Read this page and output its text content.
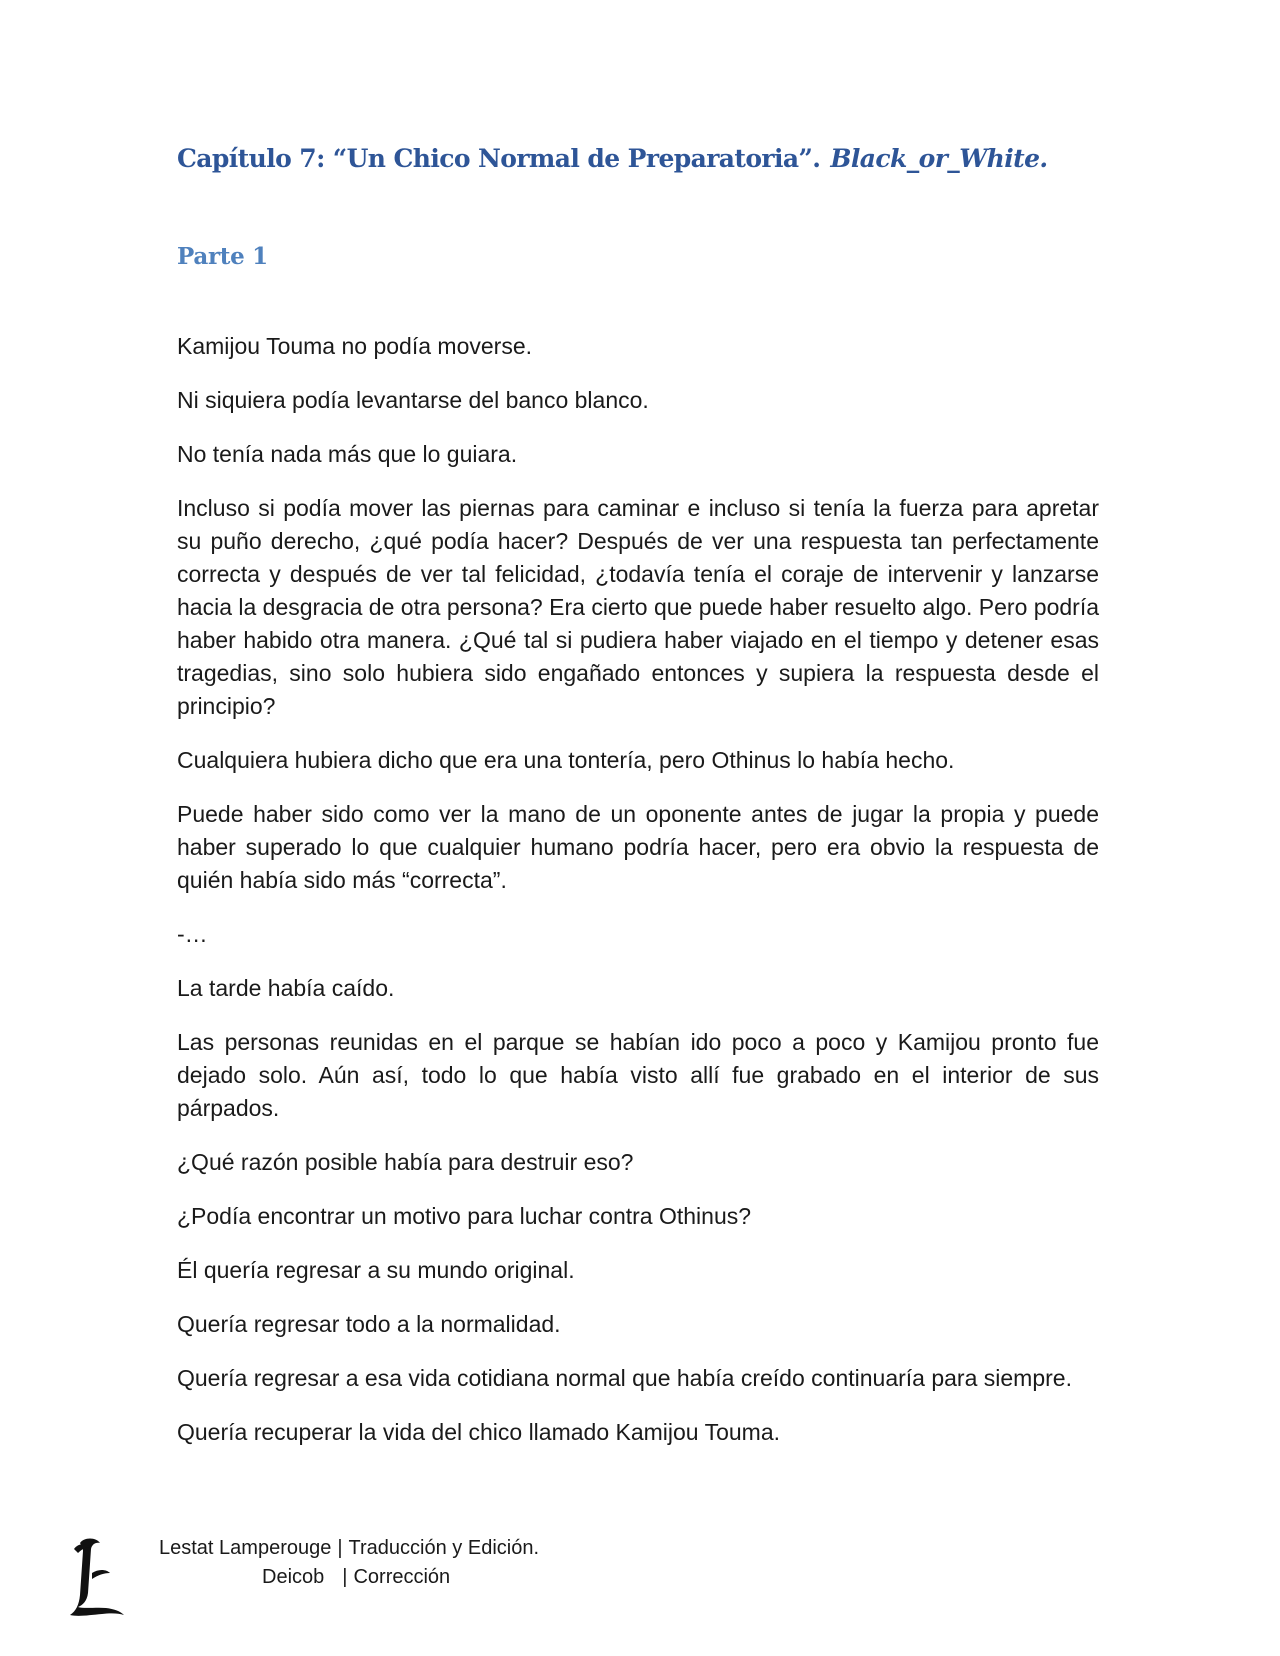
Capítulo 7: “Un Chico Normal de Preparatoria”. Black_or_White.
Parte 1

Kamijou Touma no podía moverse.

Ni siquiera podía levantarse del banco blanco.

No tenía nada más que lo guiara.

Incluso si podía mover las piernas para caminar e incluso si tenía la fuerza para apretar su puño derecho, ¿qué podía hacer? Después de ver una respuesta tan perfectamente correcta y después de ver tal felicidad, ¿todavía tenía el coraje de intervenir y lanzarse hacia la desgracia de otra persona? Era cierto que puede haber resuelto algo. Pero podría haber habido otra manera. ¿Qué tal si pudiera haber viajado en el tiempo y detener esas tragedias, sino solo hubiera sido engañado entonces y supiera la respuesta desde el principio?

Cualquiera hubiera dicho que era una tontería, pero Othinus lo había hecho.

Puede haber sido como ver la mano de un oponente antes de jugar la propia y puede haber superado lo que cualquier humano podría hacer, pero era obvio la respuesta de quién había sido más “correcta”.

-…

La tarde había caído.

Las personas reunidas en el parque se habían ido poco a poco y Kamijou pronto fue dejado solo. Aún así, todo lo que había visto allí fue grabado en el interior de sus párpados.

¿Qué razón posible había para destruir eso?

¿Podía encontrar un motivo para luchar contra Othinus?

Él quería regresar a su mundo original.

Quería regresar todo a la normalidad.

Quería regresar a esa vida cotidiana normal que había creído continuaría para siempre.

Quería recuperar la vida del chico llamado Kamijou Touma.

Lestat Lamperouge | Traducción y Edición.
Deicob | Corrección
